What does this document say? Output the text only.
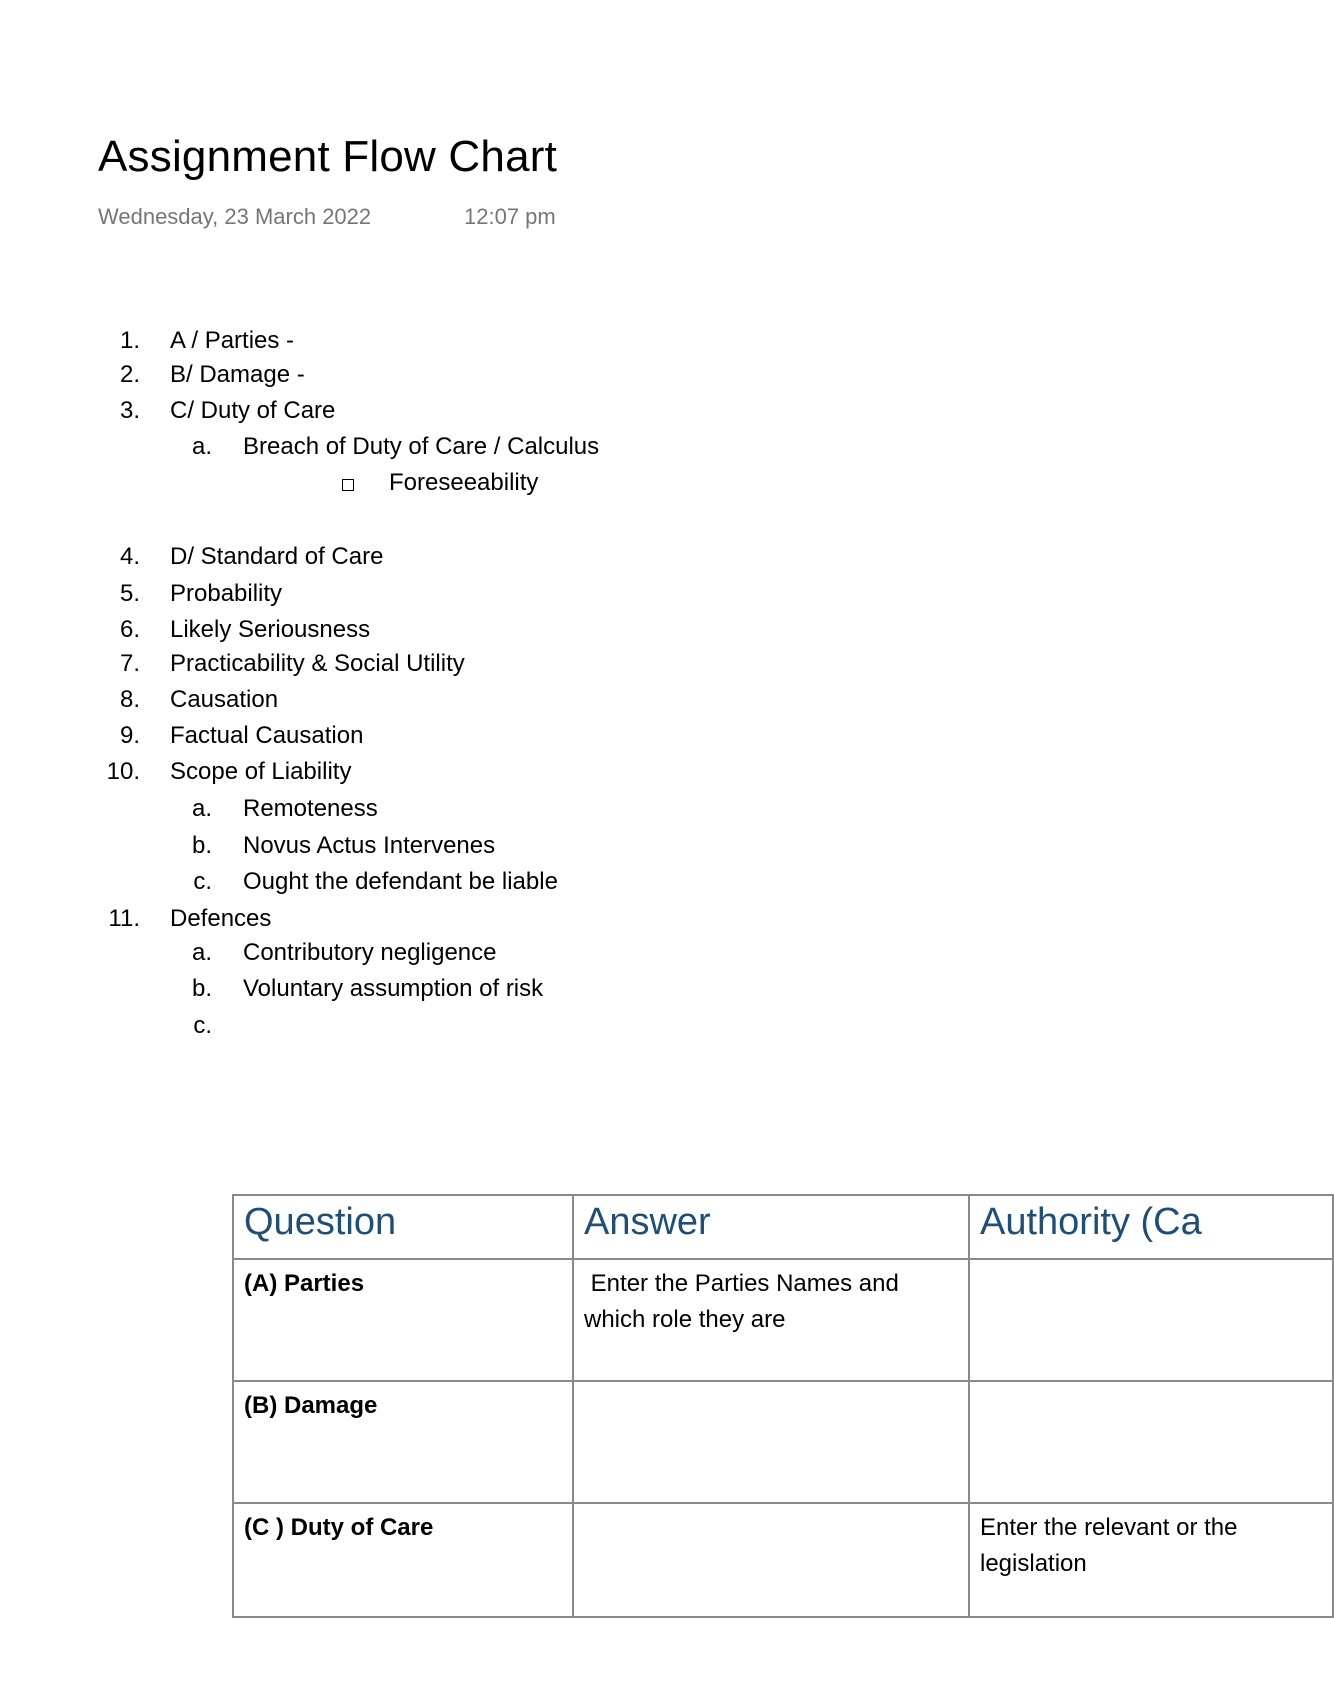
Assignment Flow Chart
Wednesday, 23 March 2022	12:07 pm
1. A / Parties -
2. B/ Damage -
3. C/ Duty of Care
a. Breach of Duty of Care / Calculus
Foreseeability
4. D/ Standard of Care
5. Probability
6. Likely Seriousness
7. Practicability & Social Utility
8. Causation
9. Factual Causation
10. Scope of Liability
a. Remoteness
b. Novus Actus Intervenes
c. Ought the defendant be liable
11. Defences
a. Contributory negligence
b. Voluntary assumption of risk
c.
Question	Answer	Authority (Ca
(A) Parties	Enter the Parties Names and which role they are	
(B) Damage		
(C ) Duty of Care		Enter the relevant or the legislation
